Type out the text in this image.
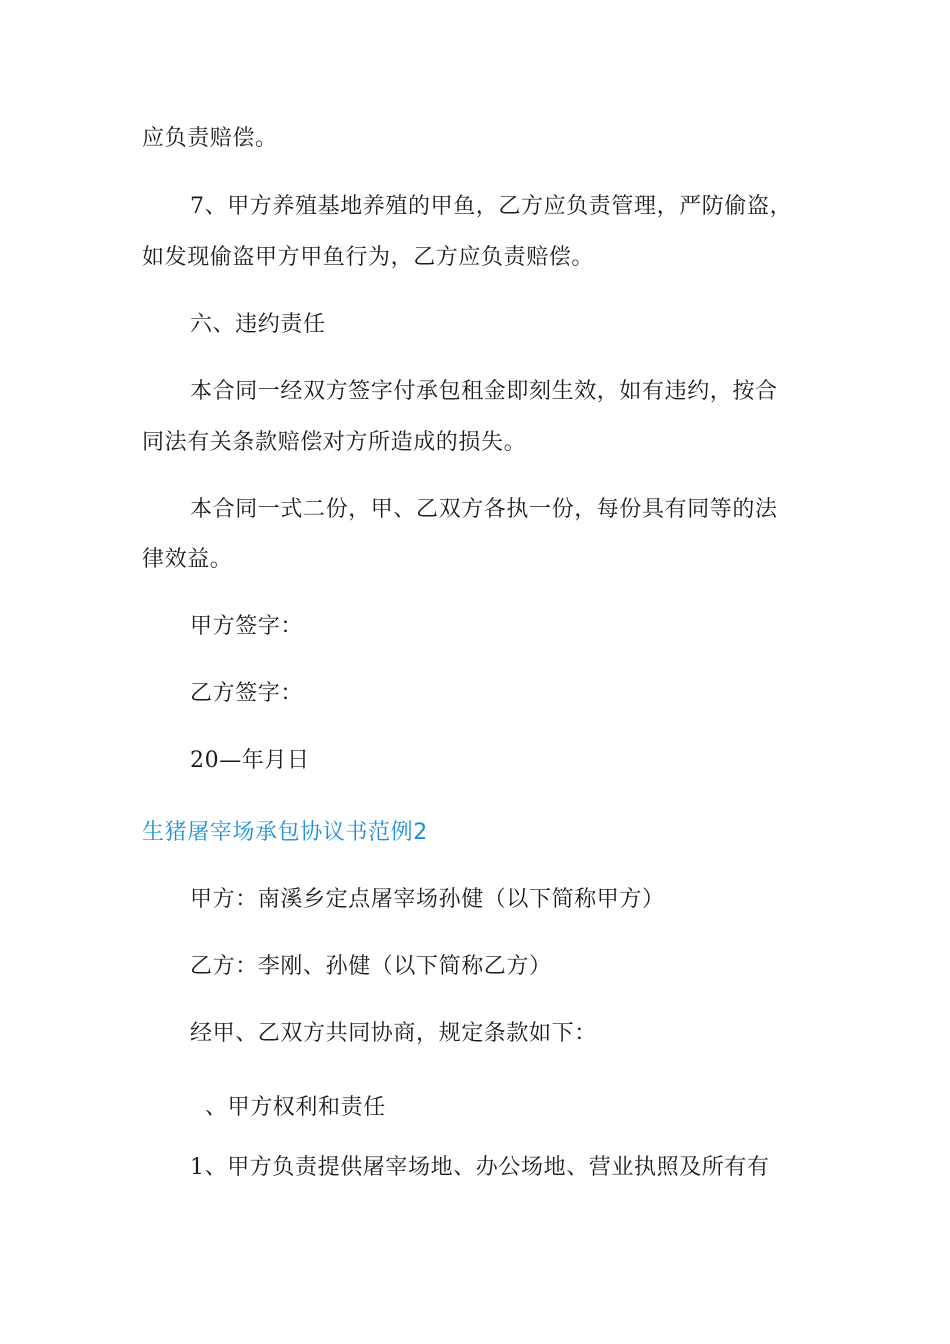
应负责赔偿。
7、甲方养殖基地养殖的甲鱼，乙方应负责管理，严防偷盗，
如发现偷盗甲方甲鱼行为，乙方应负责赔偿。
六、违约责任
本合同一经双方签字付承包租金即刻生效，如有违约，按合
同法有关条款赔偿对方所造成的损失。
本合同一式二份，甲、乙双方各执一份，每份具有同等的法
律效益。
甲方签字：
乙方签字：
20—年月日
生猪屠宰场承包协议书范例2
甲方：南溪乡定点屠宰场孙健（以下简称甲方）
乙方：李刚、孙健（以下简称乙方）
经甲、乙双方共同协商，规定条款如下：
、甲方权利和责任
1、甲方负责提供屠宰场地、办公场地、营业执照及所有有
